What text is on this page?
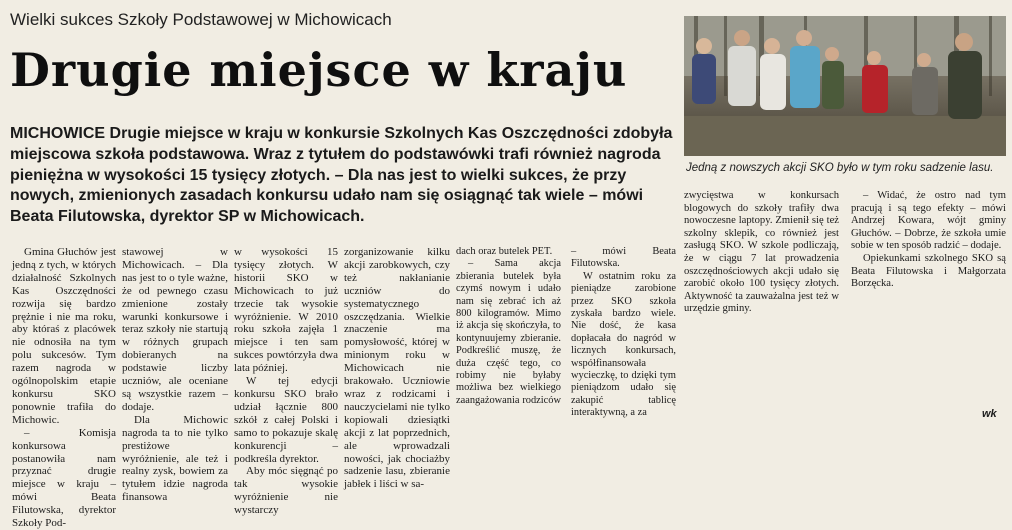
Wielki sukces Szkoły Podstawowej w Michowicach
Drugie miejsce w kraju
MICHOWICE Drugie miejsce w kraju w konkursie Szkolnych Kas Oszczędności zdobyła miejscowa szkoła podstawowa. Wraz z tytułem do podstawówki trafi również nagroda pieniężna w wysokości 15 tysięcy złotych. – Dla nas jest to wielki sukces, że przy nowych, zmienionych zasadach konkursu udało nam się osiągnąć tak wiele – mówi Beata Filutowska, dyrektor SP w Michowicach.
Jedną z nowszych akcji SKO było w tym roku sadzenie lasu.

Gmina Głuchów jest jedną z tych, w których działalność Szkolnych Kas Oszczędności rozwija się bardzo prężnie i nie ma roku, aby któraś z placówek nie odnosiła na tym polu sukcesów. Tym razem nagroda w ogólnopolskim etapie konkursu SKO ponownie trafiła do Michowic.

– Komisja konkursowa postanowiła nam przyznać drugie miejsce w kraju – mówi Beata Filutowska, dyrektor Szkoły Pod-

stawowej w Michowicach. – Dla nas jest to o tyle ważne, że od pewnego czasu zmienione zostały warunki konkursowe i teraz szkoły nie startują w różnych grupach dobieranych na podstawie liczby uczniów, ale oceniane są wszystkie razem – dodaje.

Dla Michowic nagroda ta to nie tylko prestiżowe wyróżnienie, ale też i realny zysk, bowiem za tytułem idzie nagroda finansowa

w wysokości 15 tysięcy złotych. W historii SKO w Michowicach to już trzecie tak wysokie wyróżnienie. W 2010 roku szkoła zajęła 1 miejsce i ten sam sukces powtórzyła dwa lata później.

W tej edycji konkursu SKO brało udział łącznie 800 szkół z całej Polski i samo to pokazuje skalę konkurencji – podkreśla dyrektor.

Aby móc sięgnąć po tak wysokie wyróżnienie nie wystarczy

zorganizowanie kilku akcji zarobkowych, czy też nakłanianie uczniów do systematycznego oszczędzania. Wielkie znaczenie ma pomysłowość, której w minionym roku w Michowicach nie brakowało. Uczniowie wraz z rodzicami i nauczycielami nie tylko kopiowali dziesiątki akcji z lat poprzednich, ale wprowadzali nowości, jak chociażby sadzenie lasu, zbieranie jabłek i liści w sa-

dach oraz butelek PET.

– Sama akcja zbierania butelek była czymś nowym i udało nam się zebrać ich aż 800 kilogramów. Mimo iż akcja się skończyła, to kontynuujemy zbieranie. Podkreślić muszę, że duża część tego, co robimy nie byłaby możliwa bez wielkiego zaangażowania rodziców – mówi Beata Filutowska.

W ostatnim roku za pieniądze zarobione przez SKO szkoła zyskała bardzo wiele. Nie dość, że kasa dopłacała do nagród w licznych konkursach, współfinansowała wycieczkę, to dzięki tym pieniądzom udało się zakupić tablicę interaktywną, a za

zwycięstwa w konkursach blogowych do szkoły trafiły dwa nowoczesne laptopy. Zmienił się też szkolny sklepik, co również jest zasługą SKO. W szkole podliczają, że w ciągu 7 lat prowadzenia oszczędnościowych akcji udało się zarobić około 100 tysięcy złotych. Aktywność ta zauważalna jest też w urzędzie gminy.

– Widać, że ostro nad tym pracują i są tego efekty – mówi Andrzej Kowara, wójt gminy Głuchów. – Dobrze, że szkoła umie sobie w ten sposób radzić – dodaje.

Opiekunkami szkolnego SKO są Beata Filutowska i Małgorzata Borzęcka.

wk
